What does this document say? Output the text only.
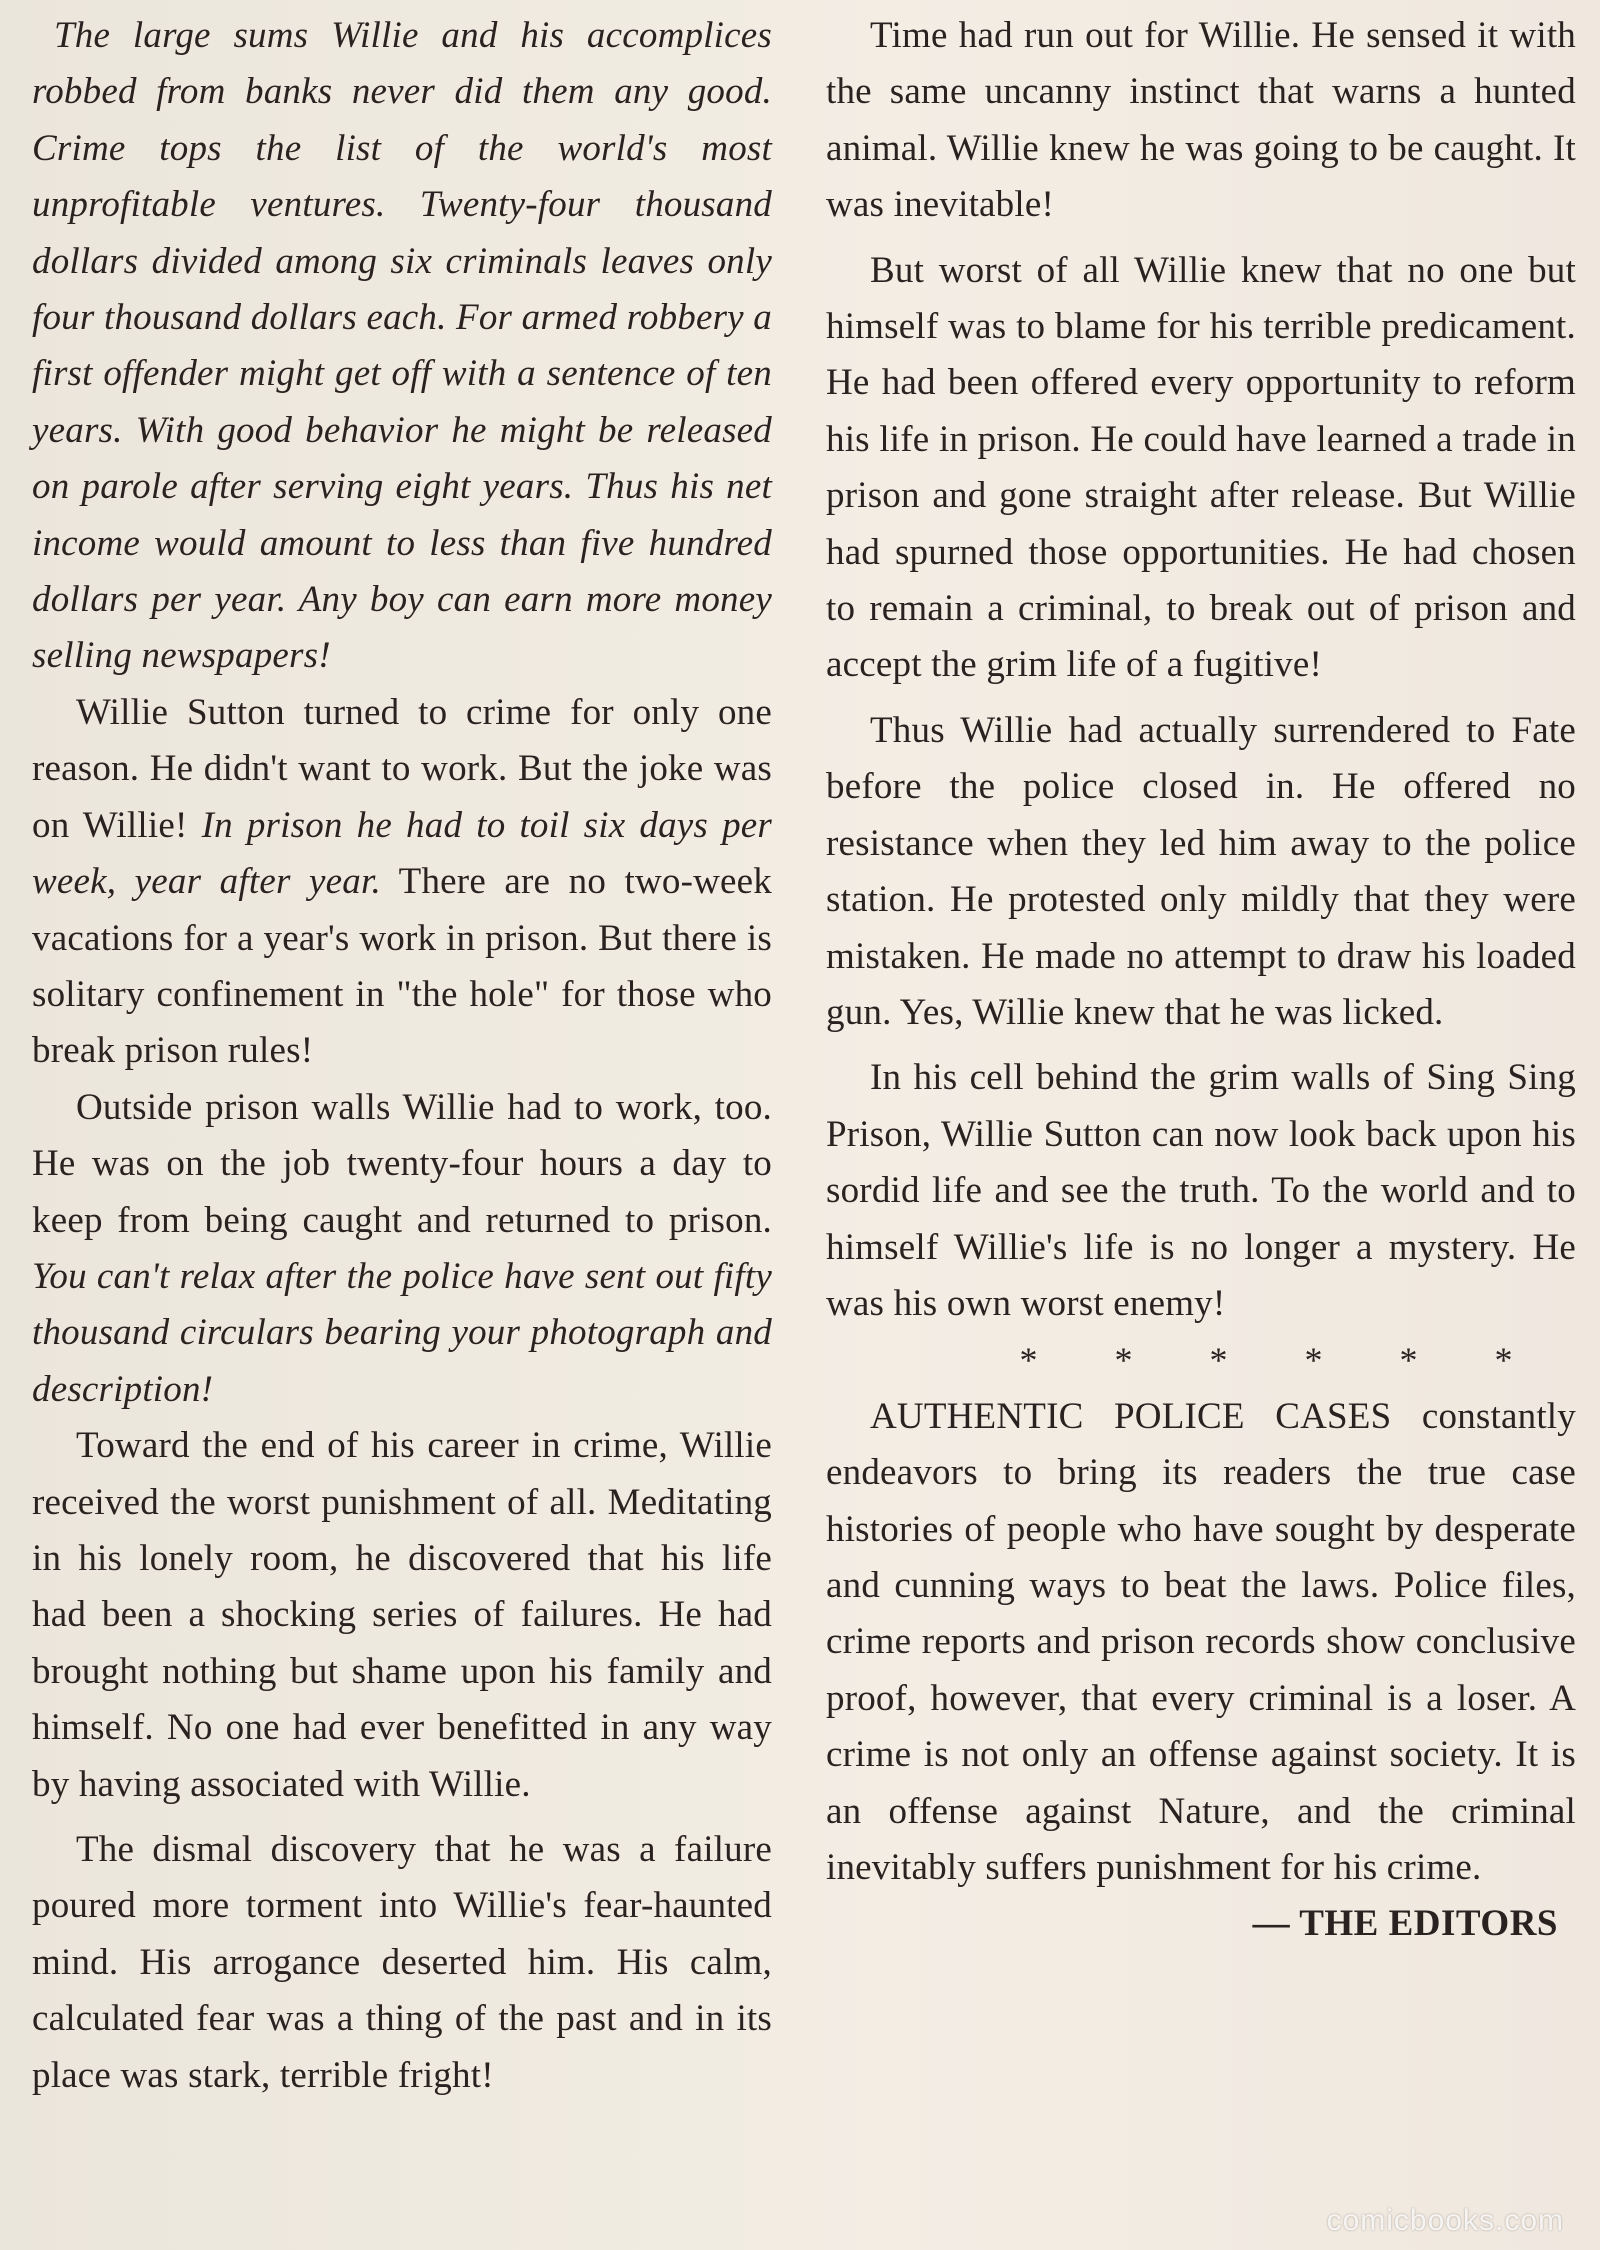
The large sums Willie and his accomplices robbed from banks never did them any good. Crime tops the list of the world's most unprofitable ventures. Twenty-four thousand dollars divided among six criminals leaves only four thousand dollars each. For armed robbery a first offender might get off with a sentence of ten years. With good behavior he might be released on parole after serving eight years. Thus his net income would amount to less than five hundred dollars per year. Any boy can earn more money selling newspapers!

Willie Sutton turned to crime for only one reason. He didn't want to work. But the joke was on Willie! In prison he had to toil six days per week, year after year. There are no two-week vacations for a year's work in prison. But there is solitary confinement in "the hole" for those who break prison rules!

Outside prison walls Willie had to work, too. He was on the job twenty-four hours a day to keep from being caught and returned to prison. You can't relax after the police have sent out fifty thousand circulars bearing your photograph and description!

Toward the end of his career in crime, Willie received the worst punishment of all. Meditating in his lonely room, he discovered that his life had been a shocking series of failures. He had brought nothing but shame upon his family and himself. No one had ever benefitted in any way by having associated with Willie.

The dismal discovery that he was a failure poured more torment into Willie's fear-haunted mind. His arrogance deserted him. His calm, calculated fear was a thing of the past and in its place was stark, terrible fright!

Time had run out for Willie. He sensed it with the same uncanny instinct that warns a hunted animal. Willie knew he was going to be caught. It was inevitable!

But worst of all Willie knew that no one but himself was to blame for his terrible predicament. He had been offered every opportunity to reform his life in prison. He could have learned a trade in prison and gone straight after release. But Willie had spurned those opportunities. He had chosen to remain a criminal, to break out of prison and accept the grim life of a fugitive!

Thus Willie had actually surrendered to Fate before the police closed in. He offered no resistance when they led him away to the police station. He protested only mildly that they were mistaken. He made no attempt to draw his loaded gun. Yes, Willie knew that he was licked.

In his cell behind the grim walls of Sing Sing Prison, Willie Sutton can now look back upon his sordid life and see the truth. To the world and to himself Willie's life is no longer a mystery. He was his own worst enemy!

* * * * * *

AUTHENTIC POLICE CASES constantly endeavors to bring its readers the true case histories of people who have sought by desperate and cunning ways to beat the laws. Police files, crime reports and prison records show conclusive proof, however, that every criminal is a loser. A crime is not only an offense against society. It is an offense against Nature, and the criminal inevitably suffers punishment for his crime.

— THE EDITORS

comicbooks.com
